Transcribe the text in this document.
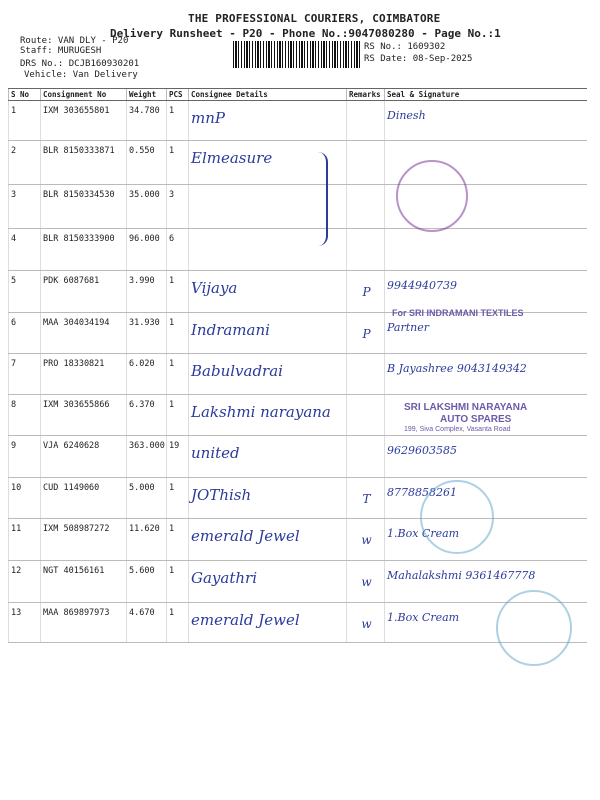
THE PROFESSIONAL COURIERS, COIMBATORE
Delivery Runsheet - P20 - Phone No.:9047080280 - Page No.:1
Route: VAN DLY - P20
Staff: MURUGESH
DRS No.: DCJB160930201
Vehicle: Van Delivery
RS No.: 1609302
RS Date: 08-Sep-2025
S No	Consignment No	Weight	PCS	Consignee Details	Remarks	Seal & Signature
1	IXM 303655801	34.780	1	mnP		Dinesh
2	BLR 8150333871	0.550	1	Elmeasure		
3	BLR 8150334530	35.000	3			
4	BLR 8150333900	96.000	6			
5	PDK 6087681	3.990	1	Vijaya	P	9944940739
6	MAA 304034194	31.930	1	Indramani	P	Partner
7	PRO 18330821	6.020	1	Babulvadrai		B Jayashree 9043149342
8	IXM 303655866	6.370	1	Lakshmi narayana		
9	VJA 6240628	363.000	19	united		9629603585
10	CUD 1149060	5.000	1	JOThish	T	8778858261
11	IXM 508987272	11.620	1	emerald Jewel	w	1.Box Cream
12	NGT 40156161	5.600	1	Gayathri	w	Mahalakshmi 9361467778
13	MAA 869897973	4.670	1	emerald Jewel	w	1.Box Cream
For SRI INDRAMANI TEXTILES
SRI LAKSHMI NARAYANA
AUTO SPARES
199, Siva Complex, Vasanta Road
